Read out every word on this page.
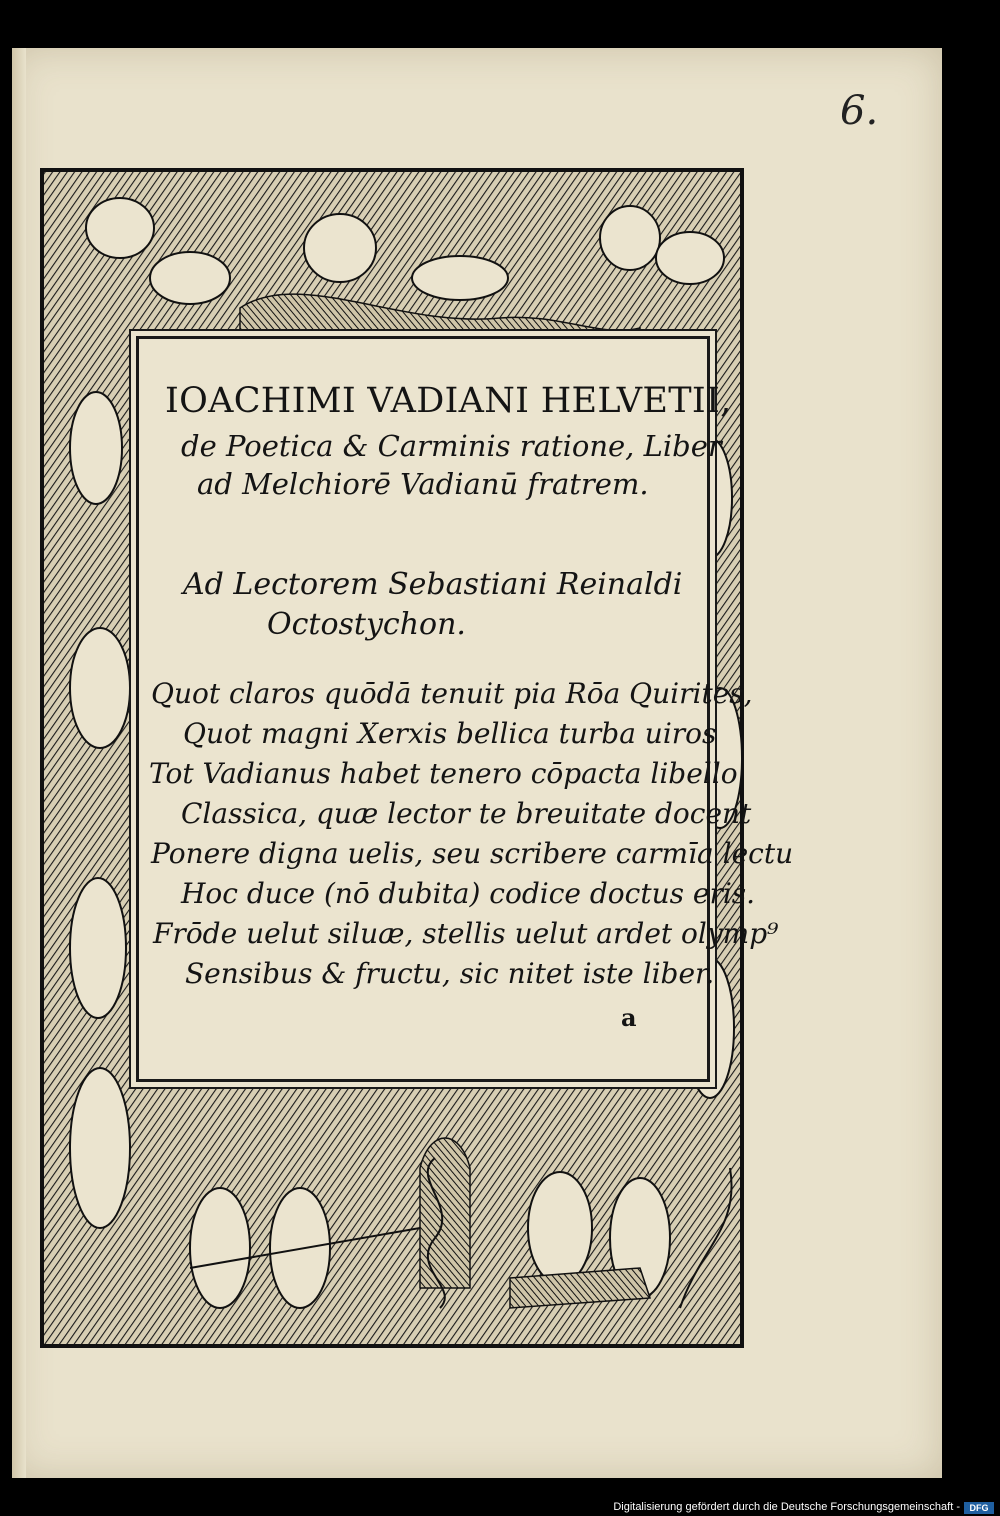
6.
IOACHIMI VADIANI HELVETII,
de Poetica & Carminis ratione, Liber
ad Melchiorē Vadianū fratrem.
Ad Lectorem Sebastiani Reinaldi
Octostychon.
Quot claros quōdā tenuit pia Rōa Quirites,
Quot magni Xerxis bellica turba uiros
Tot Vadianus habet tenero cōpacta libello
Classica, quæ lector te breuitate docent
Ponere digna uelis, seu scribere carmīa lectu
Hoc duce (nō dubita) codice doctus eris.
Frōde uelut siluæ, stellis uelut ardet olymp⁹
Sensibus & fructu, sic nitet iste liber.
a
Digitalisierung gefördert durch die Deutsche Forschungsgemeinschaft -	DFG
